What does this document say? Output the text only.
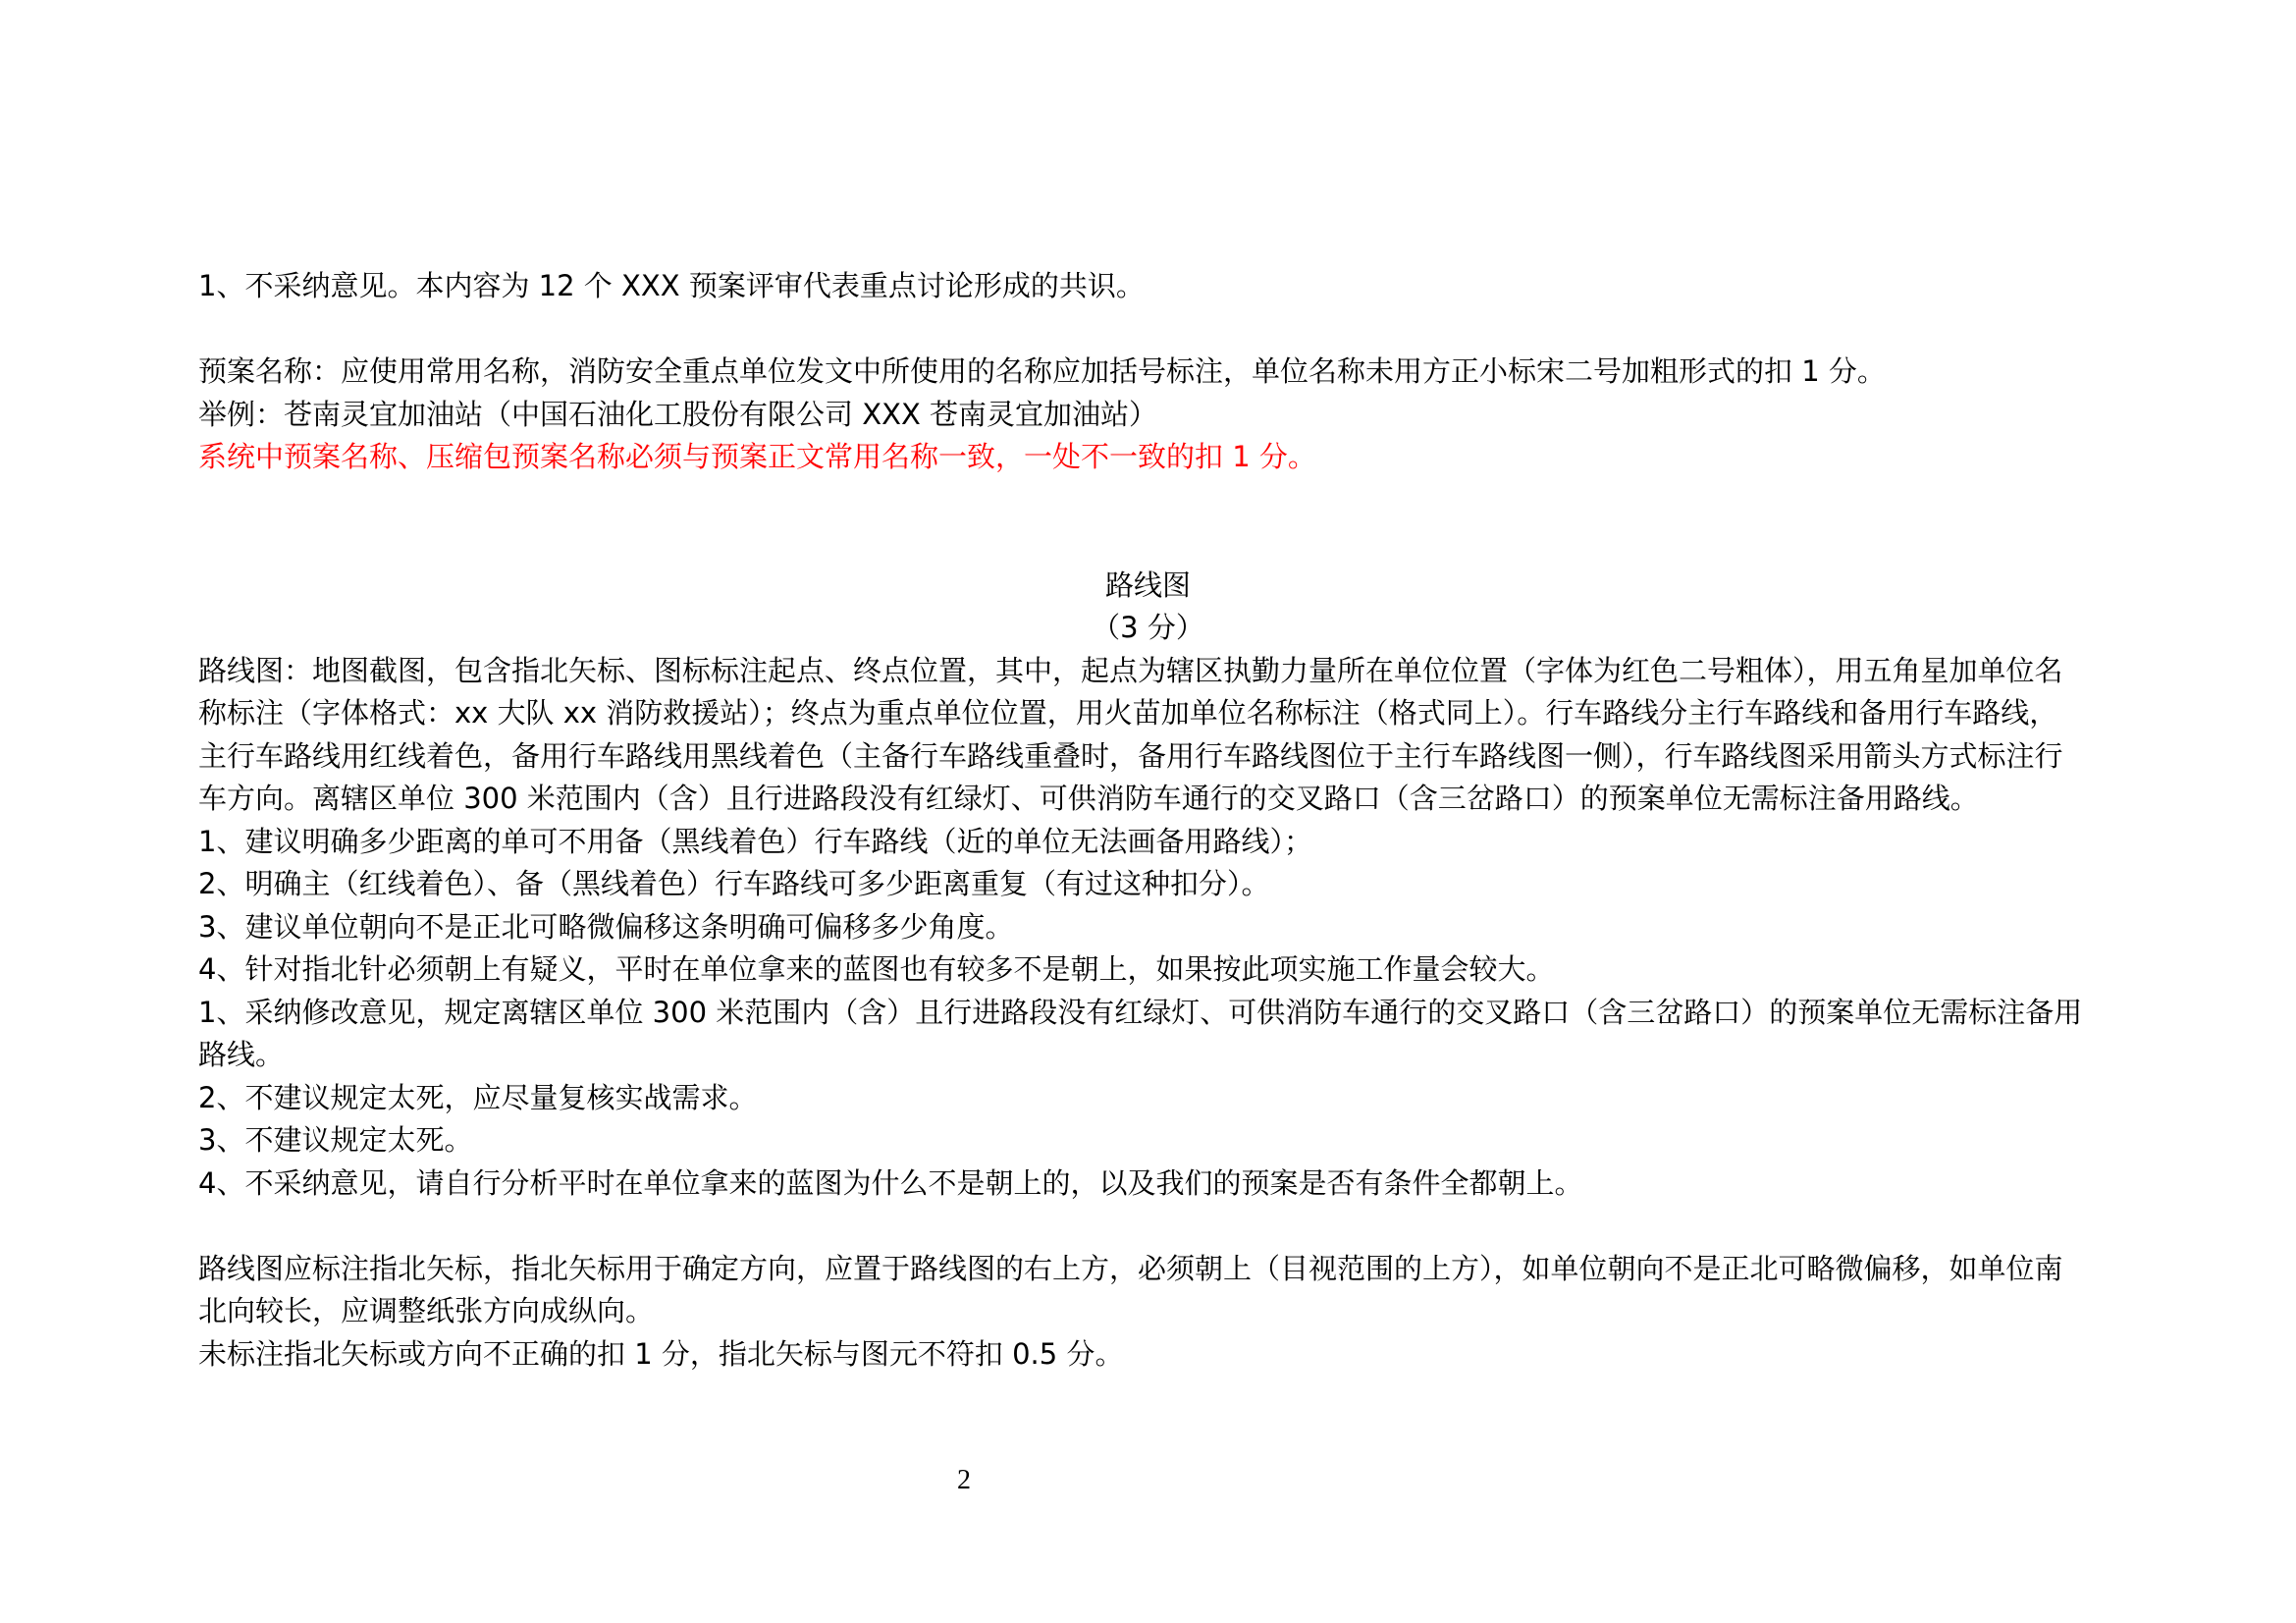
1、不采纳意见。本内容为 12 个 XXX 预案评审代表重点讨论形成的共识。
预案名称：应使用常用名称，消防安全重点单位发文中所使用的名称应加括号标注，单位名称未用方正小标宋二号加粗形式的扣 1 分。
举例：苍南灵宜加油站（中国石油化工股份有限公司 XXX 苍南灵宜加油站）
系统中预案名称、压缩包预案名称必须与预案正文常用名称一致，一处不一致的扣 1 分。
路线图
（3 分）
路线图：地图截图，包含指北矢标、图标标注起点、终点位置，其中，起点为辖区执勤力量所在单位位置（字体为红色二号粗体），用五角星加单位名
称标注（字体格式：xx 大队 xx 消防救援站）；终点为重点单位位置，用火苗加单位名称标注（格式同上）。行车路线分主行车路线和备用行车路线，
主行车路线用红线着色，备用行车路线用黑线着色（主备行车路线重叠时，备用行车路线图位于主行车路线图一侧），行车路线图采用箭头方式标注行
车方向。离辖区单位 300 米范围内（含）且行进路段没有红绿灯、可供消防车通行的交叉路口（含三岔路口）的预案单位无需标注备用路线。
1、建议明确多少距离的单可不用备（黑线着色）行车路线（近的单位无法画备用路线）；
2、明确主（红线着色）、备（黑线着色）行车路线可多少距离重复（有过这种扣分）。
3、建议单位朝向不是正北可略微偏移这条明确可偏移多少角度。
4、针对指北针必须朝上有疑义，平时在单位拿来的蓝图也有较多不是朝上，如果按此项实施工作量会较大。
1、采纳修改意见，规定离辖区单位 300 米范围内（含）且行进路段没有红绿灯、可供消防车通行的交叉路口（含三岔路口）的预案单位无需标注备用
路线。
2、不建议规定太死，应尽量复核实战需求。
3、不建议规定太死。
4、不采纳意见，请自行分析平时在单位拿来的蓝图为什么不是朝上的，以及我们的预案是否有条件全都朝上。
路线图应标注指北矢标，指北矢标用于确定方向，应置于路线图的右上方，必须朝上（目视范围的上方），如单位朝向不是正北可略微偏移，如单位南
北向较长，应调整纸张方向成纵向。
未标注指北矢标或方向不正确的扣 1 分，指北矢标与图元不符扣 0.5 分。
2
